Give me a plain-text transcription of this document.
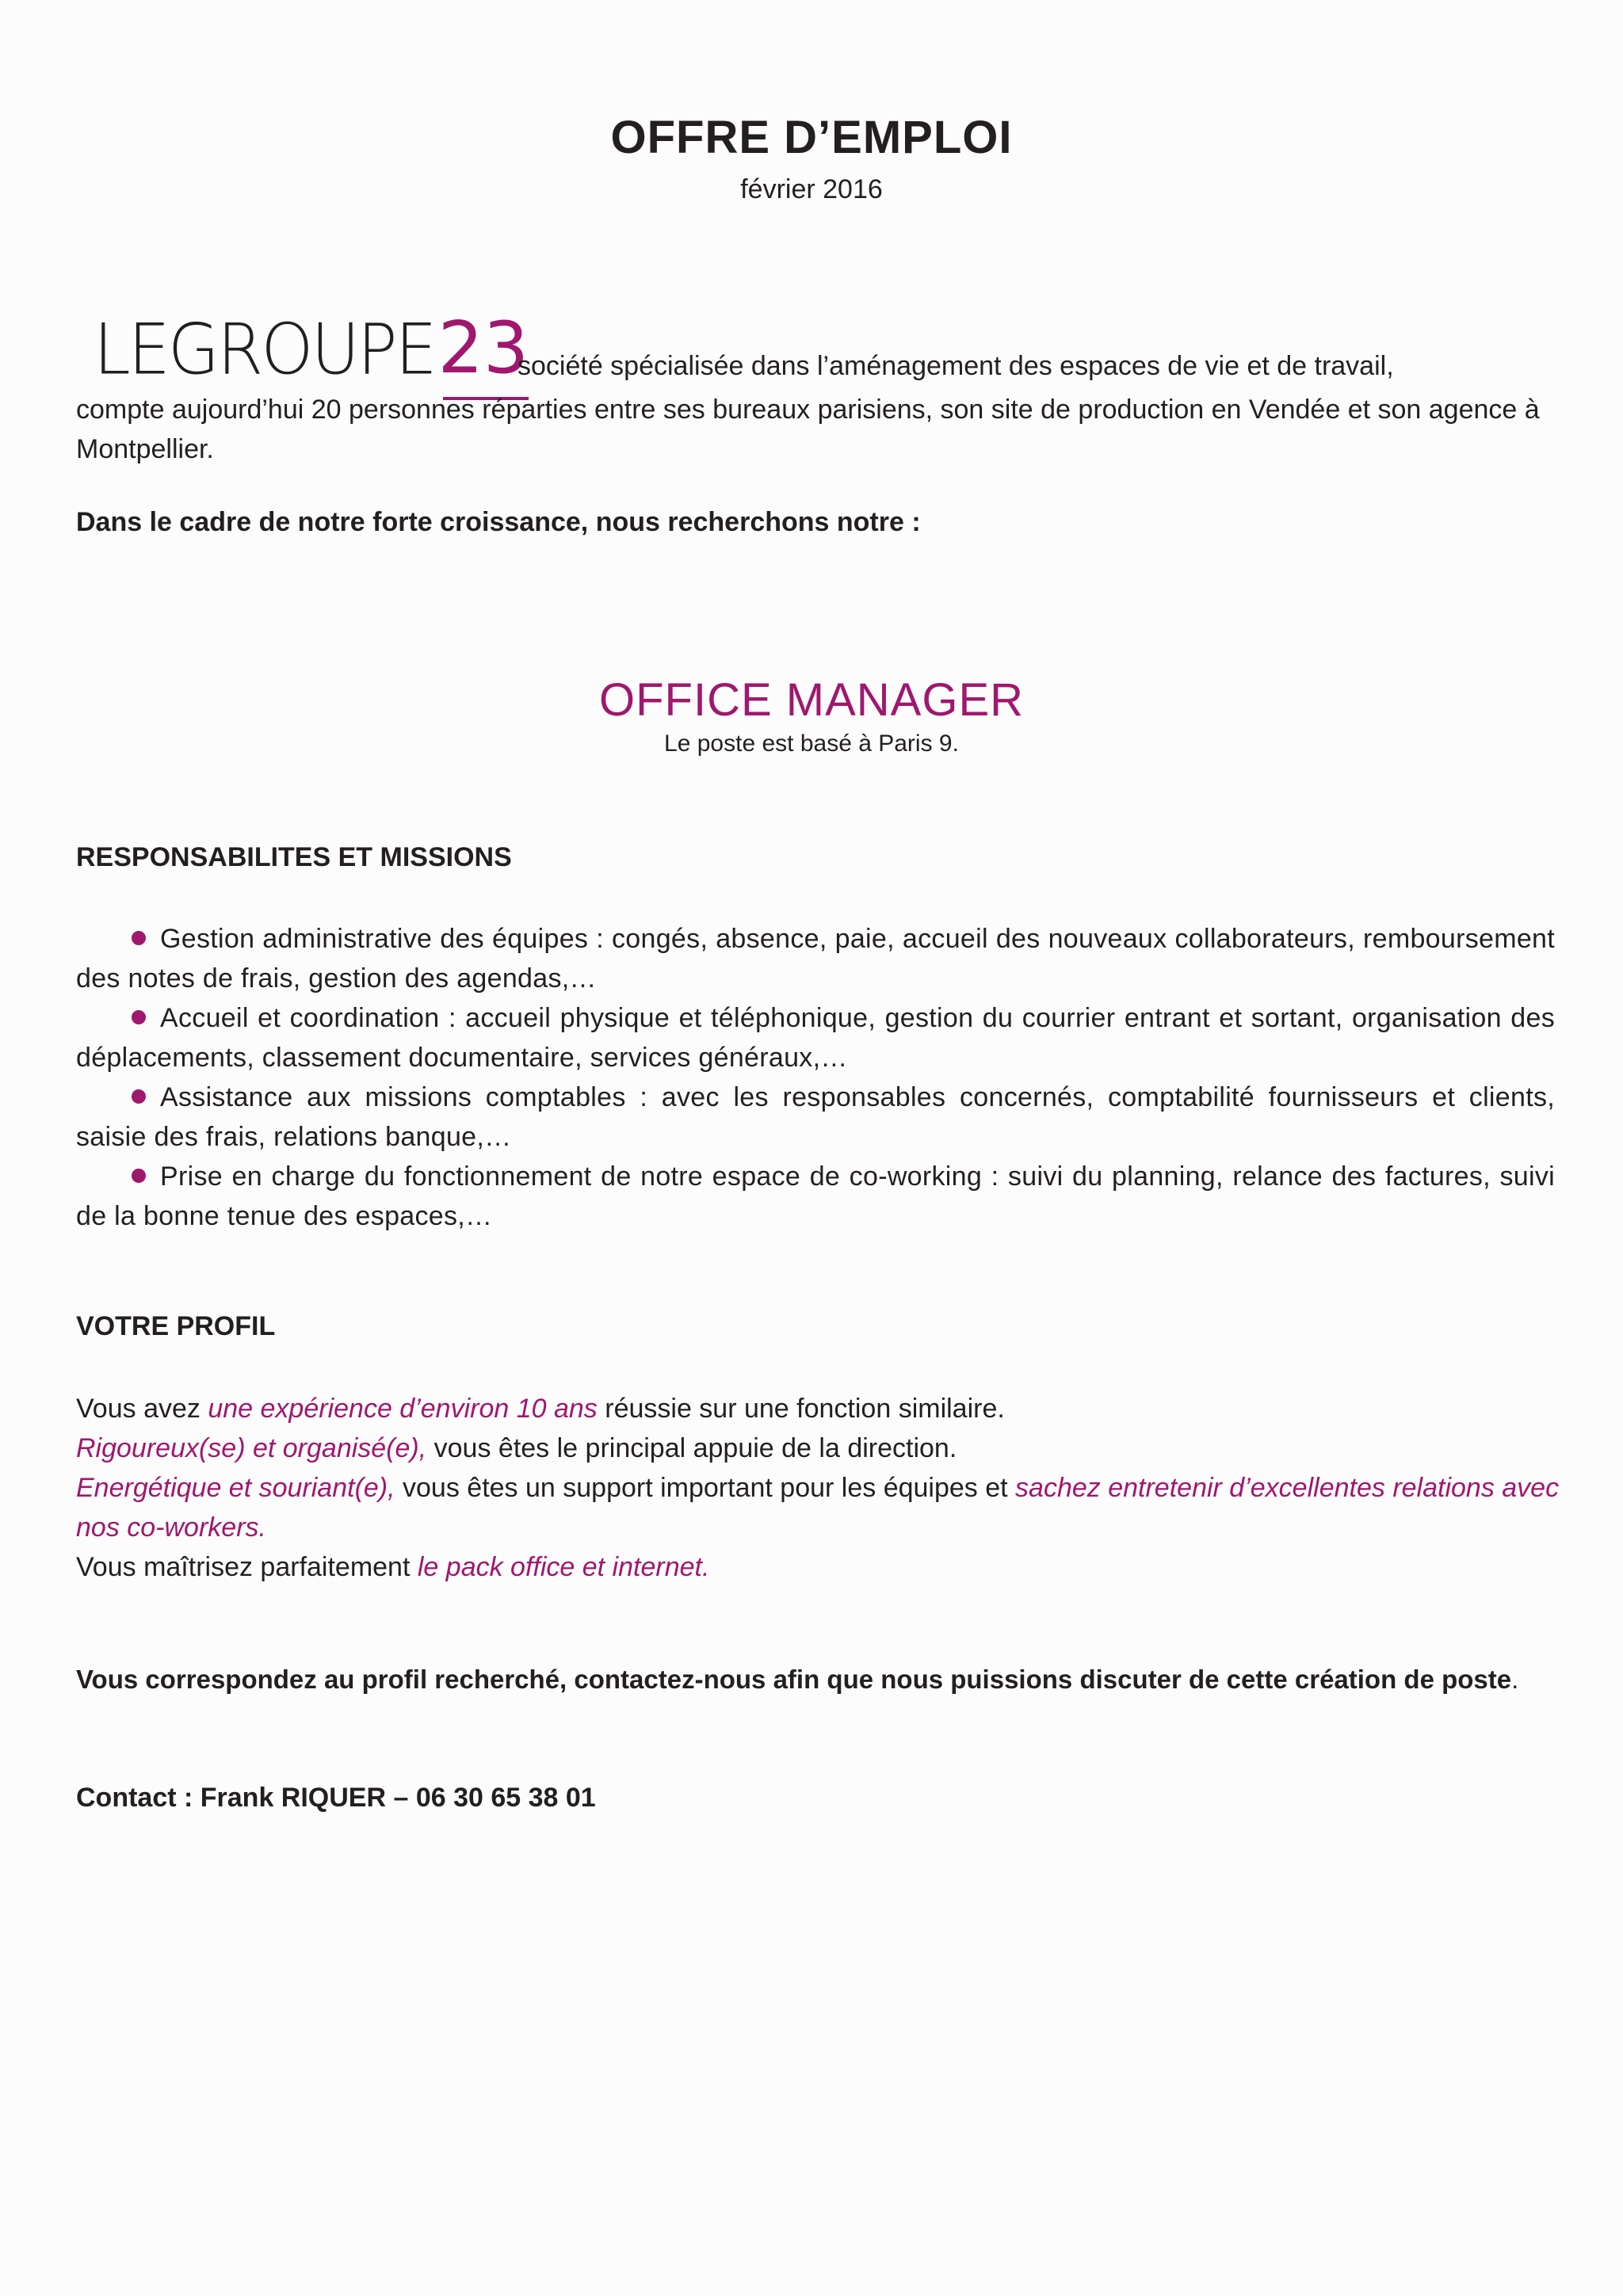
OFFRE D’EMPLOI
février 2016
LEGROUPE 23
société spécialisée dans l’aménagement des espaces de vie et de travail,
compte aujourd’hui 20 personnes réparties entre ses bureaux parisiens, son site de production en Vendée et son agence à Montpellier.
Dans le cadre de notre forte croissance, nous recherchons notre :
OFFICE MANAGER
Le poste est basé à Paris 9.
RESPONSABILITES ET MISSIONS
Gestion administrative des équipes : congés, absence, paie, accueil des nouveaux collaborateurs, remboursement des notes de frais, gestion des agendas,…
Accueil et coordination : accueil physique et téléphonique, gestion du courrier entrant et sortant, organisation des déplacements, classement documentaire, services généraux,…
Assistance aux missions comptables : avec les responsables concernés, comptabilité fournisseurs et clients, saisie des frais, relations banque,…
Prise en charge du fonctionnement de notre espace de co-working : suivi du planning, relance des factures, suivi de la bonne tenue des espaces,…
VOTRE PROFIL

Vous avez une expérience d’environ 10 ans réussie sur une fonction similaire.

Rigoureux(se) et organisé(e), vous êtes le principal appuie de la direction.

Energétique et souriant(e), vous êtes un support important pour les équipes et sachez entretenir d’excellentes relations avec nos co-workers.

Vous maîtrisez parfaitement le pack office et internet.

Vous correspondez au profil recherché, contactez-nous afin que nous puissions discuter de cette création de poste.
Contact : Frank RIQUER – 06 30 65 38 01
